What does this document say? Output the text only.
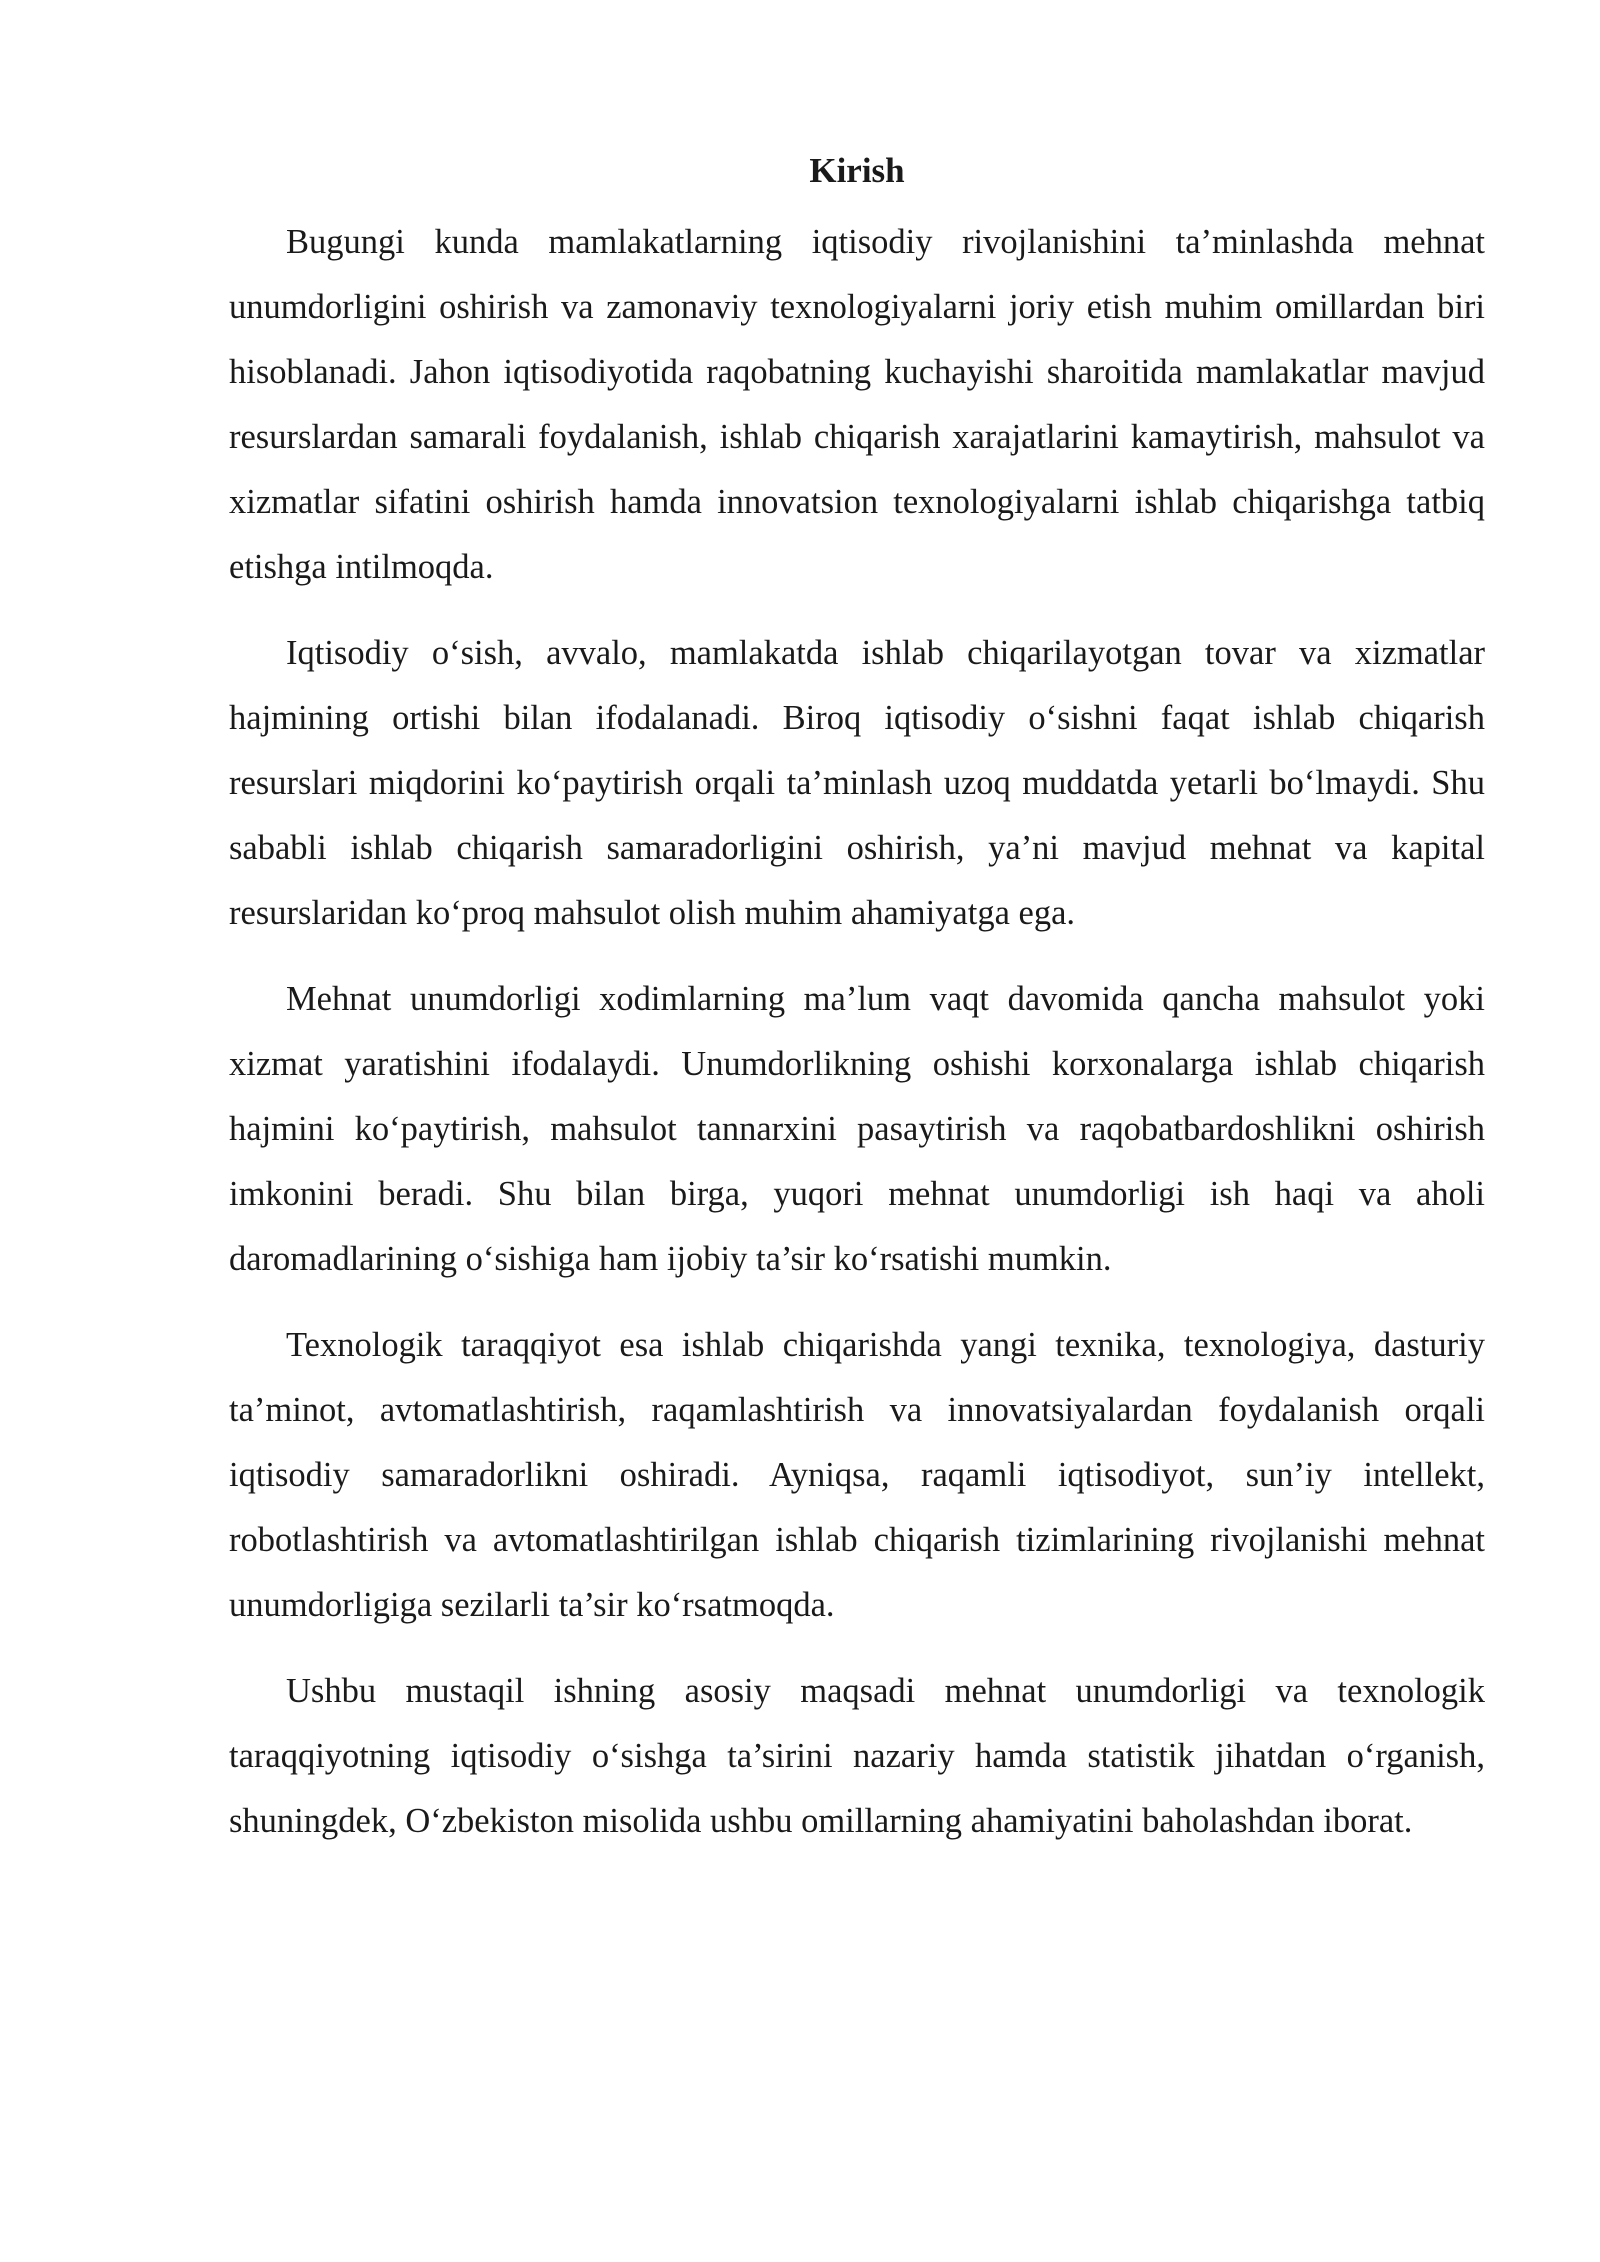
Kirish

Bugungi kunda mamlakatlarning iqtisodiy rivojlanishini ta’minlashda mehnat unumdorligini oshirish va zamonaviy texnologiyalarni joriy etish muhim omillardan biri hisoblanadi. Jahon iqtisodiyotida raqobatning kuchayishi sharoitida mamlakatlar mavjud resurslardan samarali foydalanish, ishlab chiqarish xarajatlarini kamaytirish, mahsulot va xizmatlar sifatini oshirish hamda innovatsion texnologiyalarni ishlab chiqarishga tatbiq etishga intilmoqda.

Iqtisodiy o‘sish, avvalo, mamlakatda ishlab chiqarilayotgan tovar va xizmatlar hajmining ortishi bilan ifodalanadi. Biroq iqtisodiy o‘sishni faqat ishlab chiqarish resurslari miqdorini ko‘paytirish orqali ta’minlash uzoq muddatda yetarli bo‘lmaydi. Shu sababli ishlab chiqarish samaradorligini oshirish, ya’ni mavjud mehnat va kapital resurslaridan ko‘proq mahsulot olish muhim ahamiyatga ega.

Mehnat unumdorligi xodimlarning ma’lum vaqt davomida qancha mahsulot yoki xizmat yaratishini ifodalaydi. Unumdorlikning oshishi korxonalarga ishlab chiqarish hajmini ko‘paytirish, mahsulot tannarxini pasaytirish va raqobatbardoshlikni oshirish imkonini beradi. Shu bilan birga, yuqori mehnat unumdorligi ish haqi va aholi daromadlarining o‘sishiga ham ijobiy ta’sir ko‘rsatishi mumkin.

Texnologik taraqqiyot esa ishlab chiqarishda yangi texnika, texnologiya, dasturiy ta’minot, avtomatlashtirish, raqamlashtirish va innovatsiyalardan foydalanish orqali iqtisodiy samaradorlikni oshiradi. Ayniqsa, raqamli iqtisodiyot, sun’iy intellekt, robotlashtirish va avtomatlashtirilgan ishlab chiqarish tizimlarining rivojlanishi mehnat unumdorligiga sezilarli ta’sir ko‘rsatmoqda.

Ushbu mustaqil ishning asosiy maqsadi mehnat unumdorligi va texnologik taraqqiyotning iqtisodiy o‘sishga ta’sirini nazariy hamda statistik jihatdan o‘rganish, shuningdek, O‘zbekiston misolida ushbu omillarning ahamiyatini baholashdan iborat.
